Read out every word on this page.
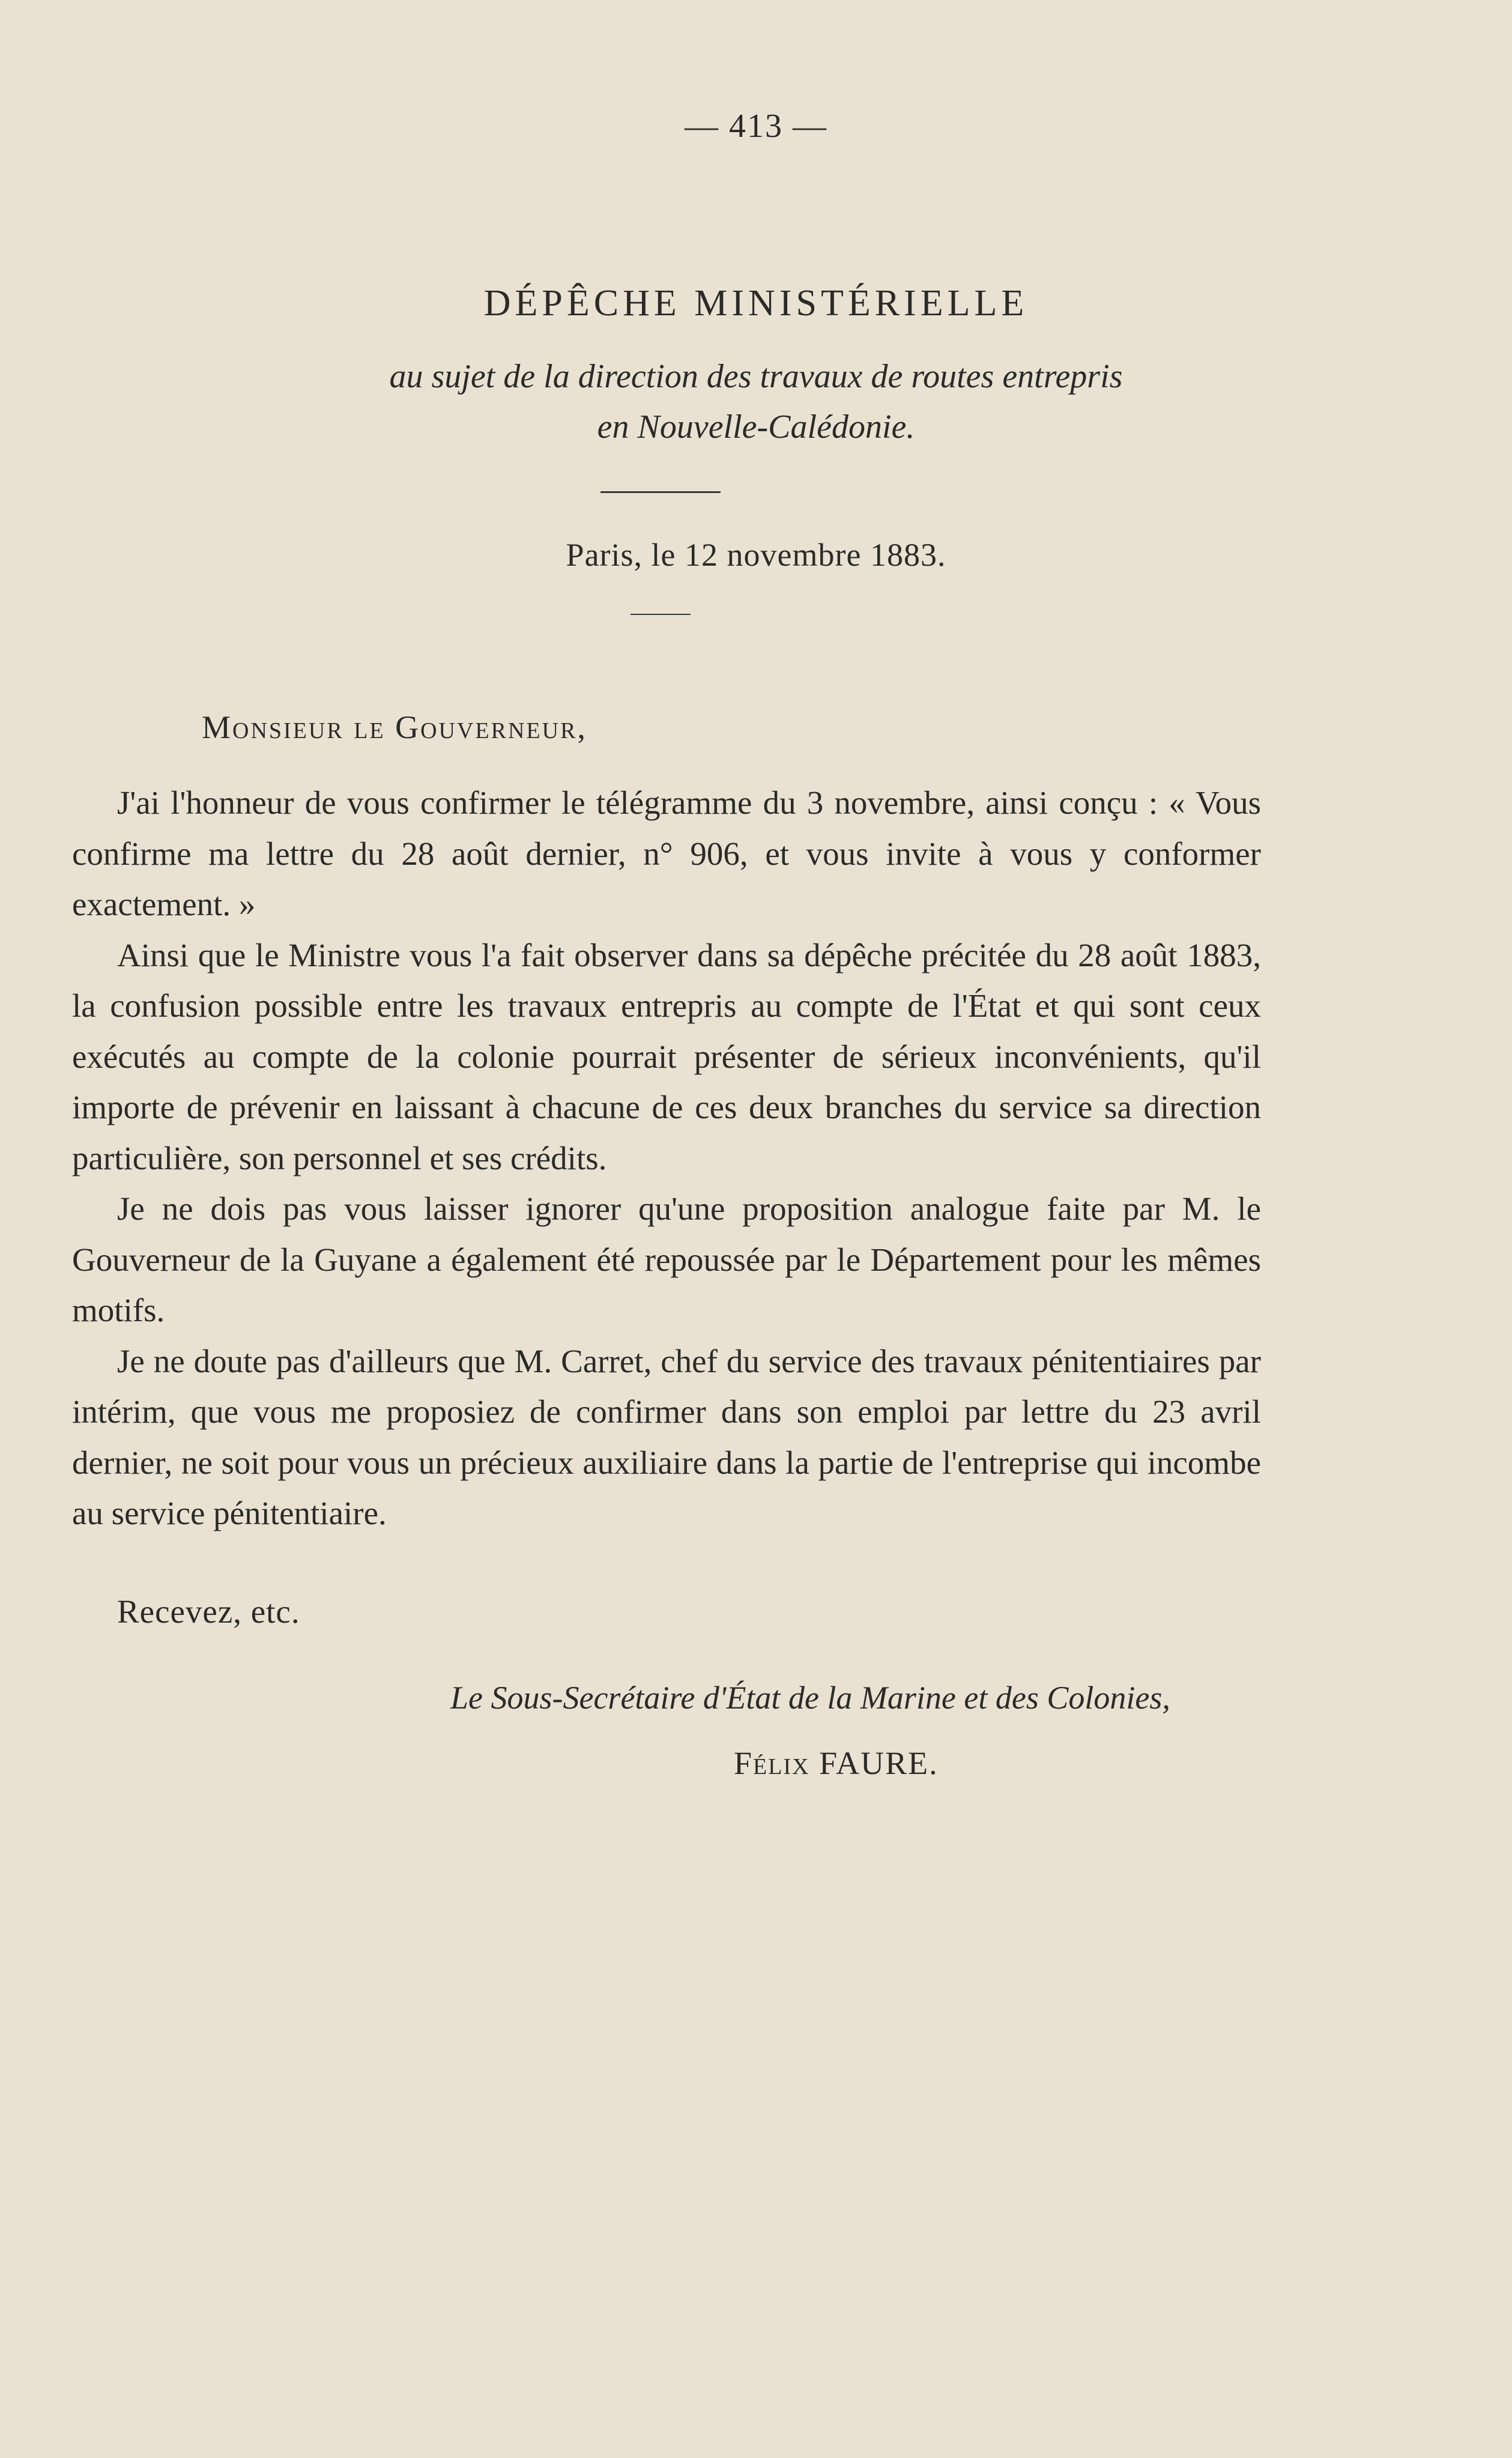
— 413 —
DÉPÊCHE MINISTÉRIELLE
au sujet de la direction des travaux de routes entrepris
en Nouvelle-Calédonie.
Paris, le 12 novembre 1883.
Monsieur le Gouverneur,

J'ai l'honneur de vous confirmer le télégramme du 3 novembre, ainsi conçu : « Vous confirme ma lettre du 28 août dernier, n° 906, et vous invite à vous y conformer exactement. »

Ainsi que le Ministre vous l'a fait observer dans sa dépêche précitée du 28 août 1883, la confusion possible entre les travaux entrepris au compte de l'État et qui sont ceux exécutés au compte de la colonie pourrait présenter de sérieux inconvénients, qu'il importe de prévenir en laissant à chacune de ces deux branches du service sa direction particulière, son personnel et ses crédits.

Je ne dois pas vous laisser ignorer qu'une proposition analogue faite par M. le Gouverneur de la Guyane a également été repoussée par le Département pour les mêmes motifs.

Je ne doute pas d'ailleurs que M. Carret, chef du service des travaux pénitentiaires par intérim, que vous me proposiez de confirmer dans son emploi par lettre du 23 avril dernier, ne soit pour vous un précieux auxiliaire dans la partie de l'entreprise qui incombe au service pénitentiaire.

Recevez, etc.
Le Sous-Secrétaire d'État de la Marine et des Colonies,
Félix FAURE.
